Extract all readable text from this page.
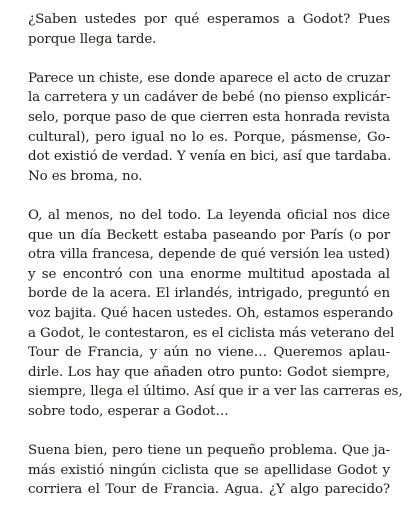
¿Saben ustedes por qué esperamos a Godot? Pues
porque llega tarde.

Parece un chiste, ese donde aparece el acto de cruzar
la carretera y un cadáver de bebé (no pienso explicár-
selo, porque paso de que cierren esta honrada revista
cultural), pero igual no lo es. Porque, pásmense, Go-
dot existió de verdad. Y venía en bici, así que tardaba.
No es broma, no.

O, al menos, no del todo. La leyenda oficial nos dice
que un día Beckett estaba paseando por París (o por
otra villa francesa, depende de qué versión lea usted)
y se encontró con una enorme multitud apostada al
borde de la acera. El irlandés, intrigado, preguntó en
voz bajita. Qué hacen ustedes. Oh, estamos esperando
a Godot, le contestaron, es el ciclista más veterano del
Tour de Francia, y aún no viene… Queremos aplau-
dirle. Los hay que añaden otro punto: Godot siempre,
siempre, llega el último. Así que ir a ver las carreras es,
sobre todo, esperar a Godot…

Suena bien, pero tiene un pequeño problema. Que ja-
más existió ningún ciclista que se apellidase Godot y
corriera el Tour de Francia. Agua. ¿Y algo parecido?
